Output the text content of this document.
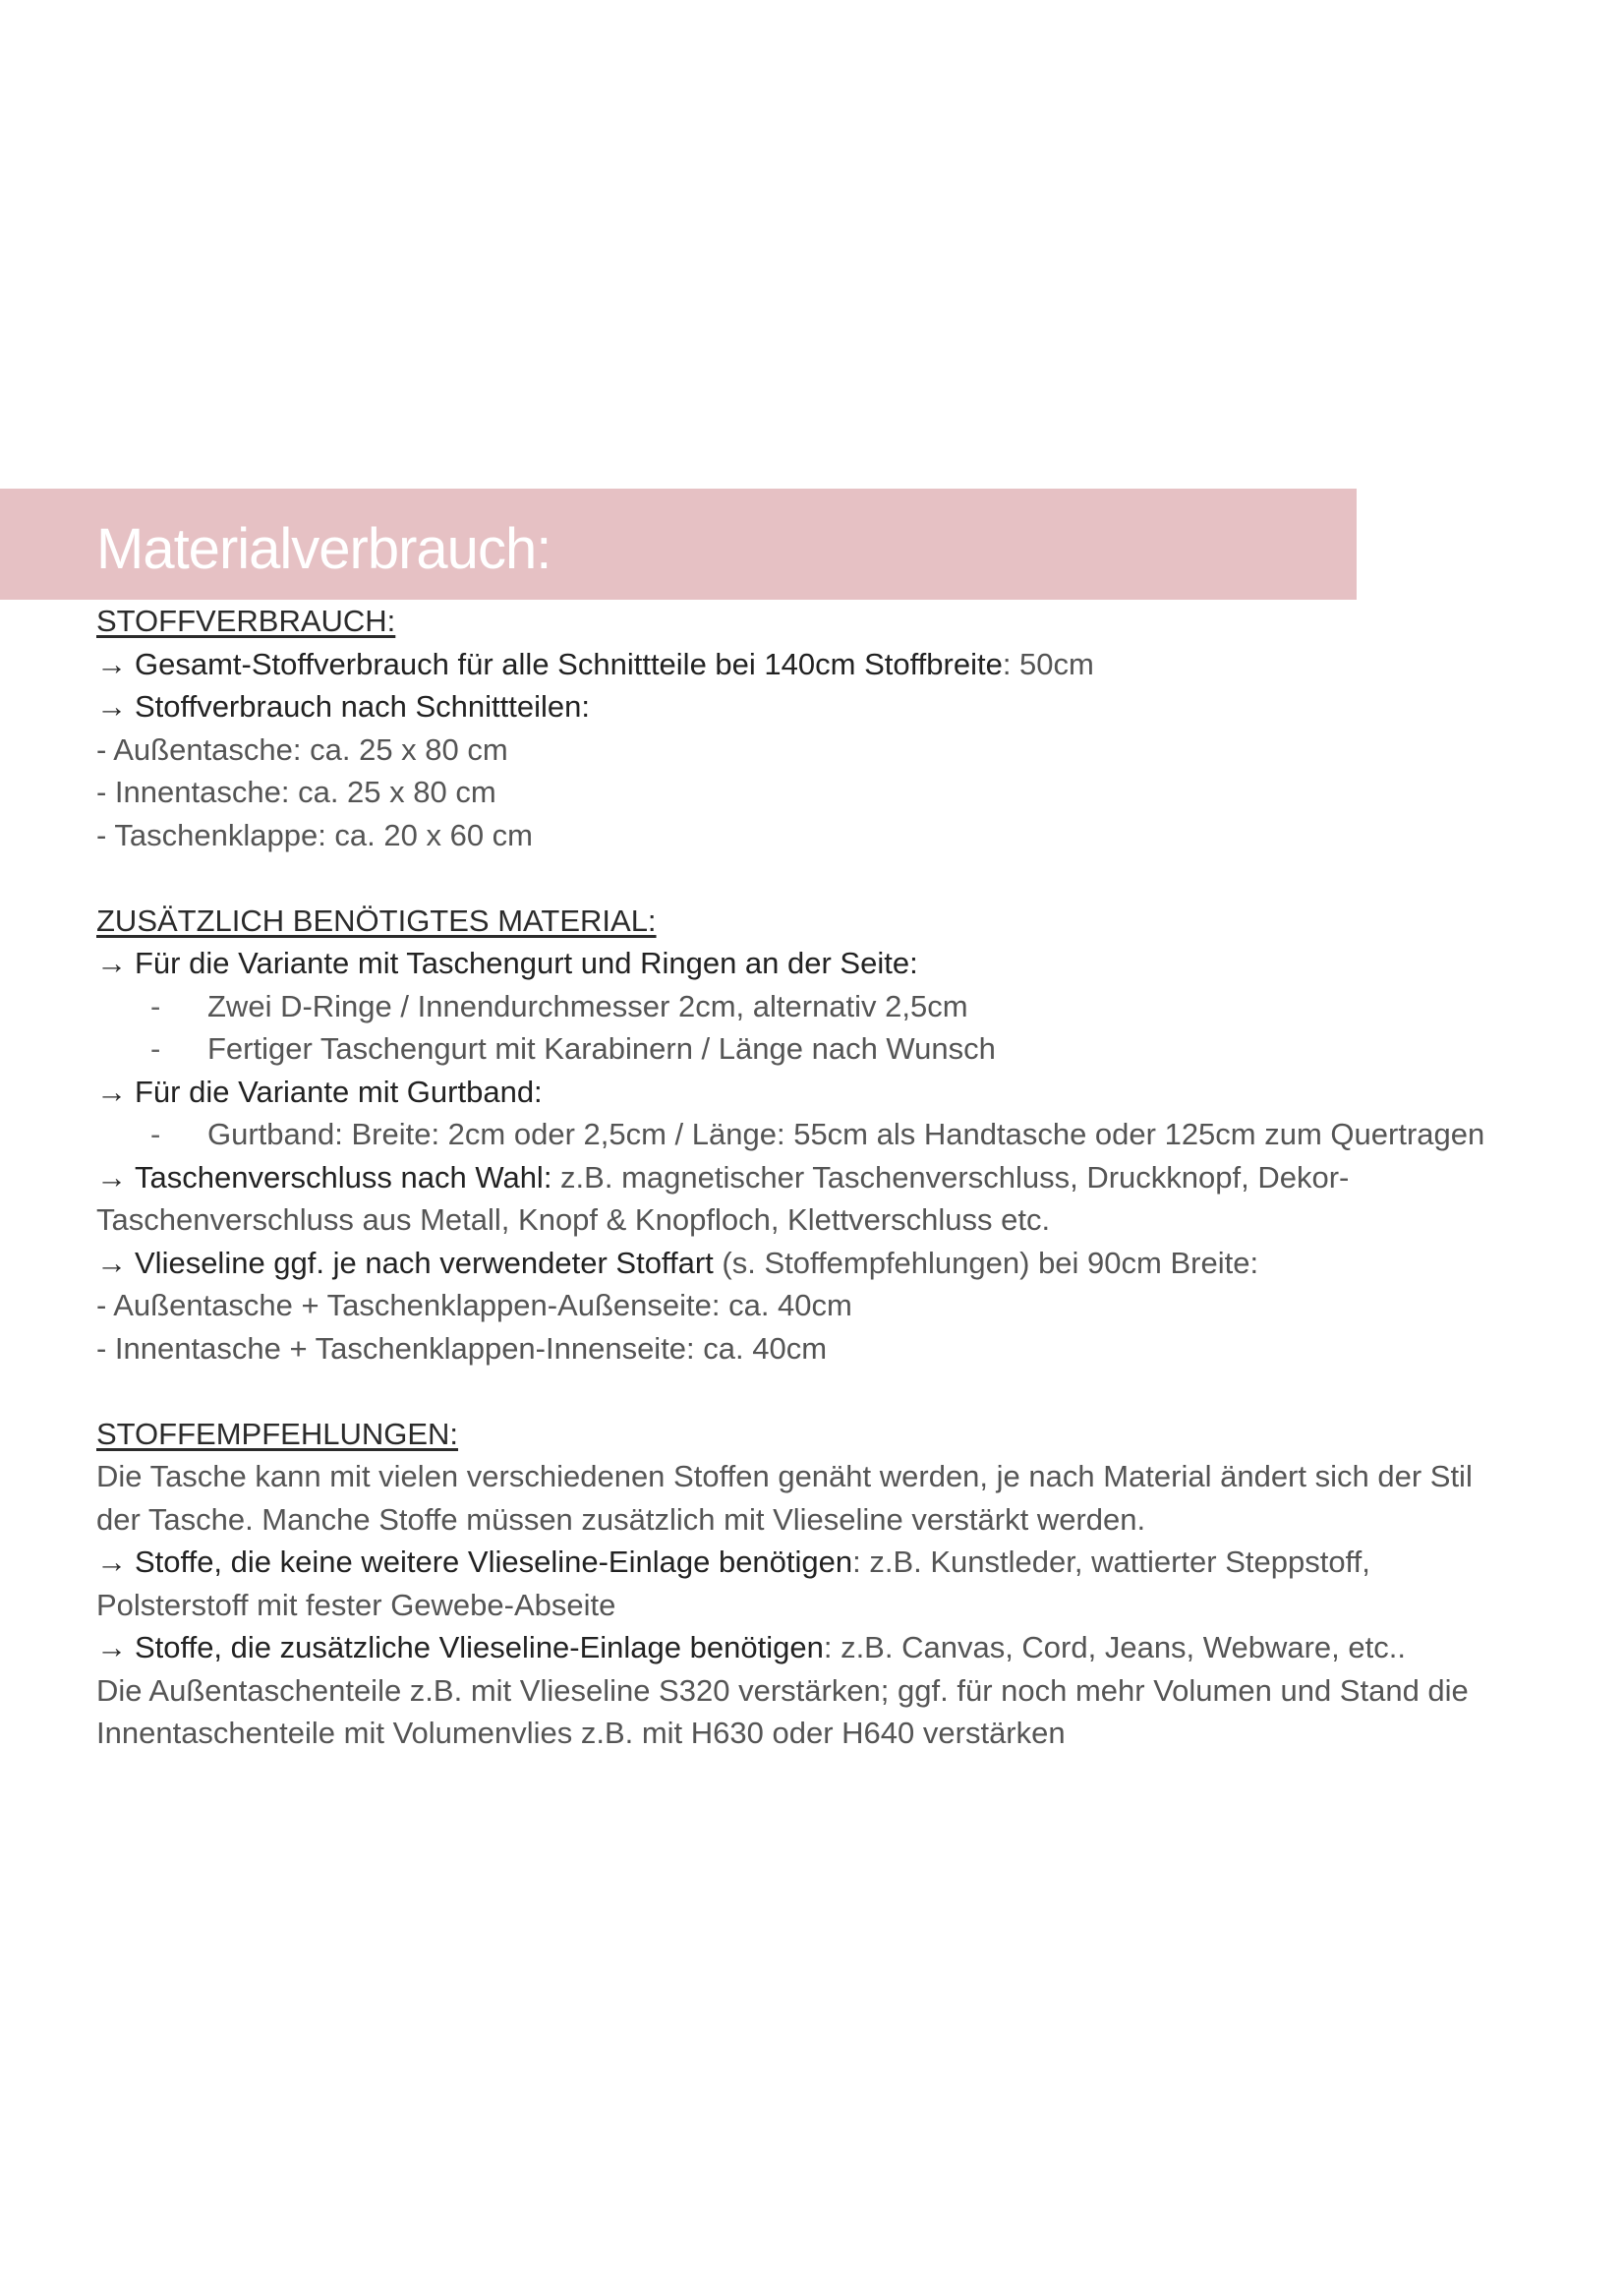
Materialverbrauch:
STOFFVERBRAUCH:
→ Gesamt-Stoffverbrauch für alle Schnittteile bei 140cm Stoffbreite: 50cm
→ Stoffverbrauch nach Schnittteilen:
- Außentasche: ca. 25 x 80 cm
- Innentasche: ca. 25 x 80 cm
- Taschenklappe: ca. 20 x 60 cm
ZUSÄTZLICH BENÖTIGTES MATERIAL:
→ Für die Variante mit Taschengurt und Ringen an der Seite:
- Zwei D-Ringe / Innendurchmesser 2cm, alternativ 2,5cm
- Fertiger Taschengurt mit Karabinern / Länge nach Wunsch
→ Für die Variante mit Gurtband:
- Gurtband: Breite: 2cm oder 2,5cm / Länge: 55cm als Handtasche oder 125cm zum Quertragen
→ Taschenverschluss nach Wahl: z.B. magnetischer Taschenverschluss, Druckknopf, Dekor-
Taschenverschluss aus Metall, Knopf & Knopfloch, Klettverschluss etc.
→ Vlieseline ggf. je nach verwendeter Stoffart (s. Stoffempfehlungen) bei 90cm Breite:
- Außentasche + Taschenklappen-Außenseite: ca. 40cm
- Innentasche + Taschenklappen-Innenseite: ca. 40cm
STOFFEMPFEHLUNGEN:
Die Tasche kann mit vielen verschiedenen Stoffen genäht werden, je nach Material ändert sich der Stil
der Tasche. Manche Stoffe müssen zusätzlich mit Vlieseline verstärkt werden.
→ Stoffe, die keine weitere Vlieseline-Einlage benötigen: z.B. Kunstleder, wattierter Steppstoff,
Polsterstoff mit fester Gewebe-Abseite
→ Stoffe, die zusätzliche Vlieseline-Einlage benötigen: z.B. Canvas, Cord, Jeans, Webware, etc..
Die Außentaschenteile z.B. mit Vlieseline S320 verstärken; ggf. für noch mehr Volumen und Stand die
Innentaschenteile mit Volumenvlies z.B. mit H630 oder H640 verstärken
